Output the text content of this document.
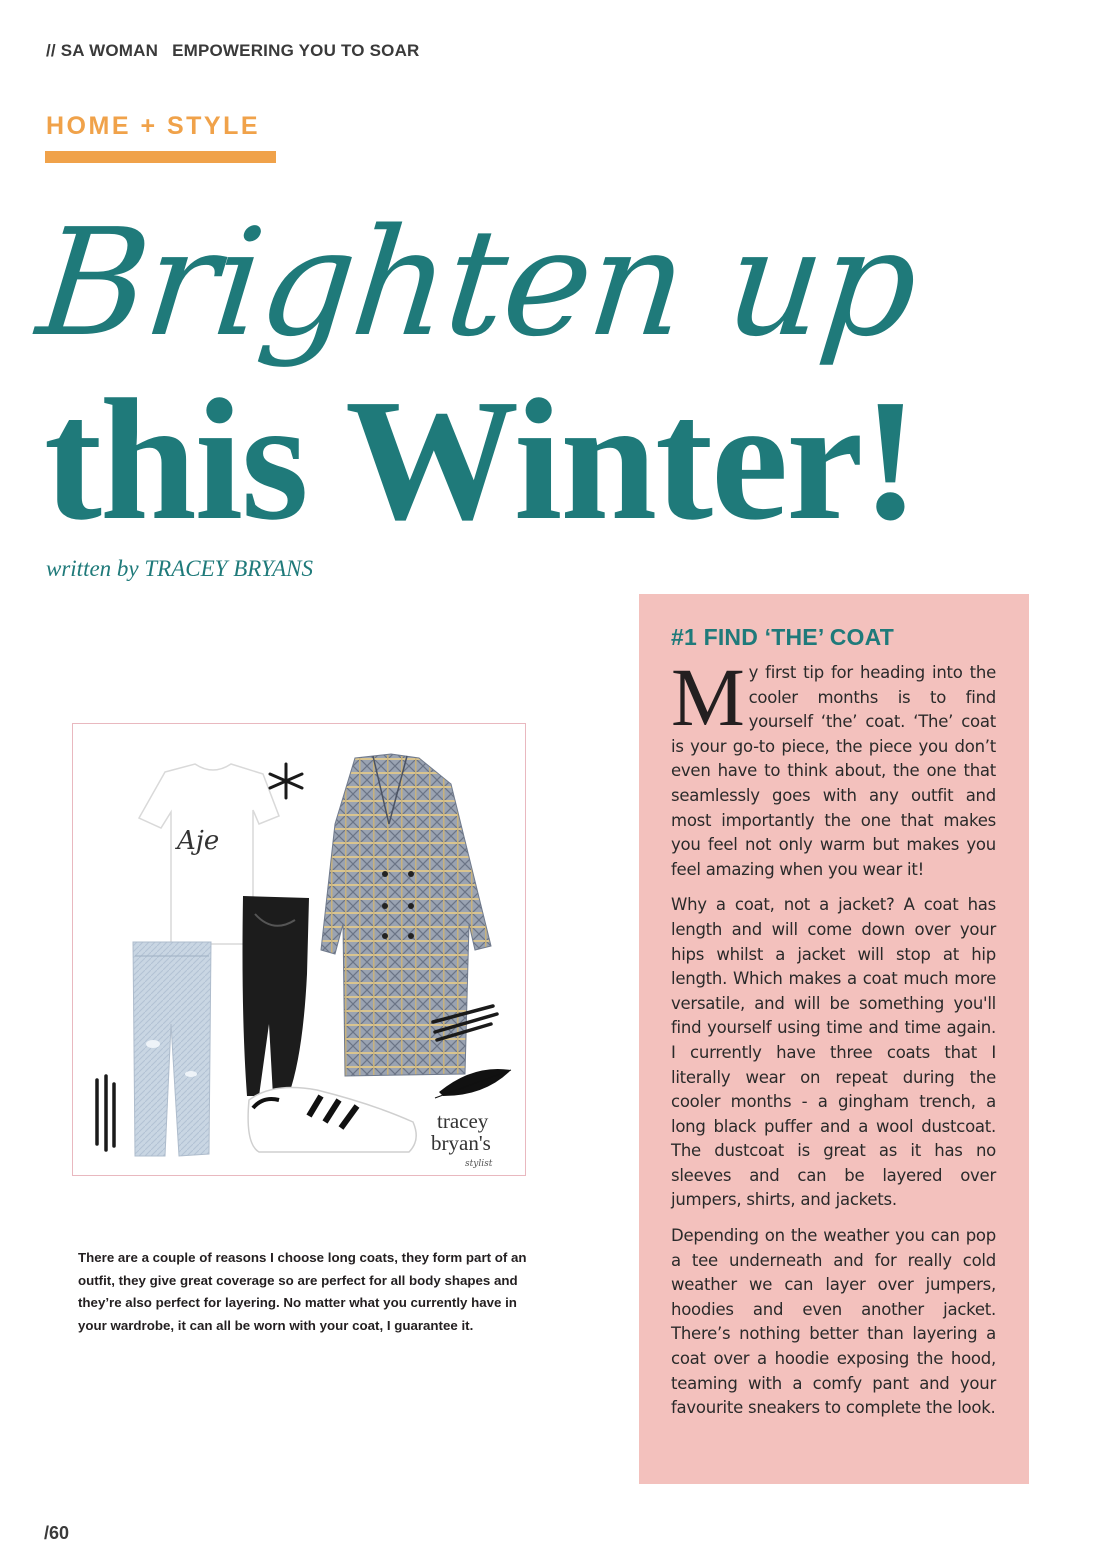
// SA WOMAN EMPOWERING YOU TO SOAR
HOME + STYLE
Brighten up
this Winter!
written by TRACEY BRYANS
Aje
tracey
bryan's
stylist
There are a couple of reasons I choose long coats, they form part of an outfit, they give great coverage so are perfect for all body shapes and they’re also perfect for layering. No matter what you currently have in your wardrobe, it can all be worn with your coat, I guarantee it.
#1 FIND ‘THE’ COAT

My first tip for heading into the cooler months is to find yourself ‘the’ coat. ‘The’ coat is your go-to piece, the piece you don’t even have to think about, the one that seamlessly goes with any outfit and most importantly the one that makes you feel not only warm but makes you feel amazing when you wear it!

Why a coat, not a jacket? A coat has length and will come down over your hips whilst a jacket will stop at hip length. Which makes a coat much more versatile, and will be something you'll find yourself using time and time again. I currently have three coats that I literally wear on repeat during the cooler months - a gingham trench, a long black puffer and a wool dustcoat. The dustcoat is great as it has no sleeves and can be layered over jumpers, shirts, and jackets.

Depending on the weather you can pop a tee underneath and for really cold weather we can layer over jumpers, hoodies and even another jacket. There’s nothing better than layering a coat over a hoodie exposing the hood, teaming with a comfy pant and your favourite sneakers to complete the look.

/60
